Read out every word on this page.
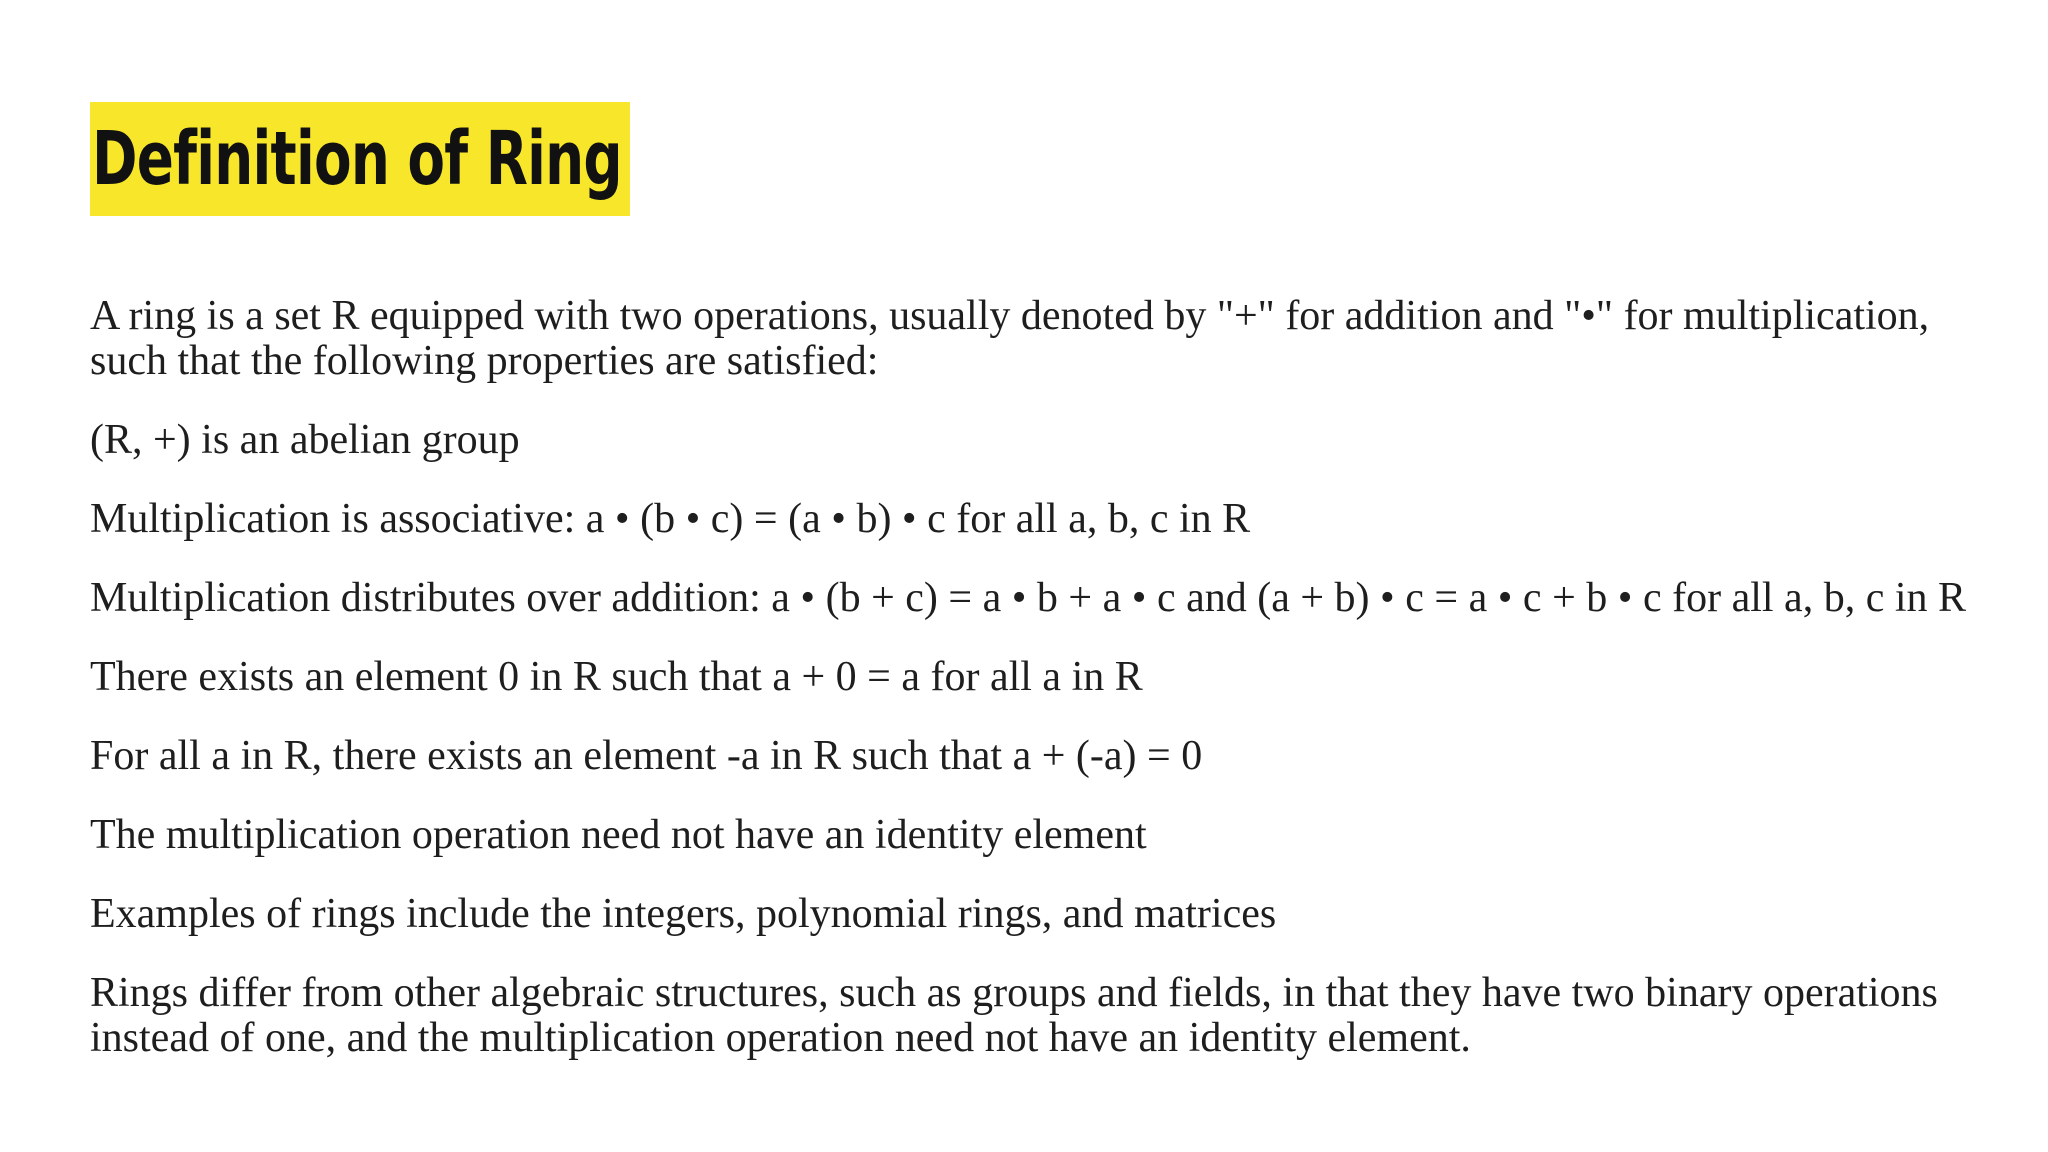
Definition of Ring

A ring is a set R equipped with two operations, usually denoted by "+" for addition and "•" for multiplication, such that the following properties are satisfied:

(R, +) is an abelian group

Multiplication is associative: a • (b • c) = (a • b) • c for all a, b, c in R

Multiplication distributes over addition: a • (b + c) = a • b + a • c and (a + b) • c = a • c + b • c for all a, b, c in R

There exists an element 0 in R such that a + 0 = a for all a in R

For all a in R, there exists an element -a in R such that a + (-a) = 0

The multiplication operation need not have an identity element

Examples of rings include the integers, polynomial rings, and matrices

Rings differ from other algebraic structures, such as groups and fields, in that they have two binary operations instead of one, and the multiplication operation need not have an identity element.
